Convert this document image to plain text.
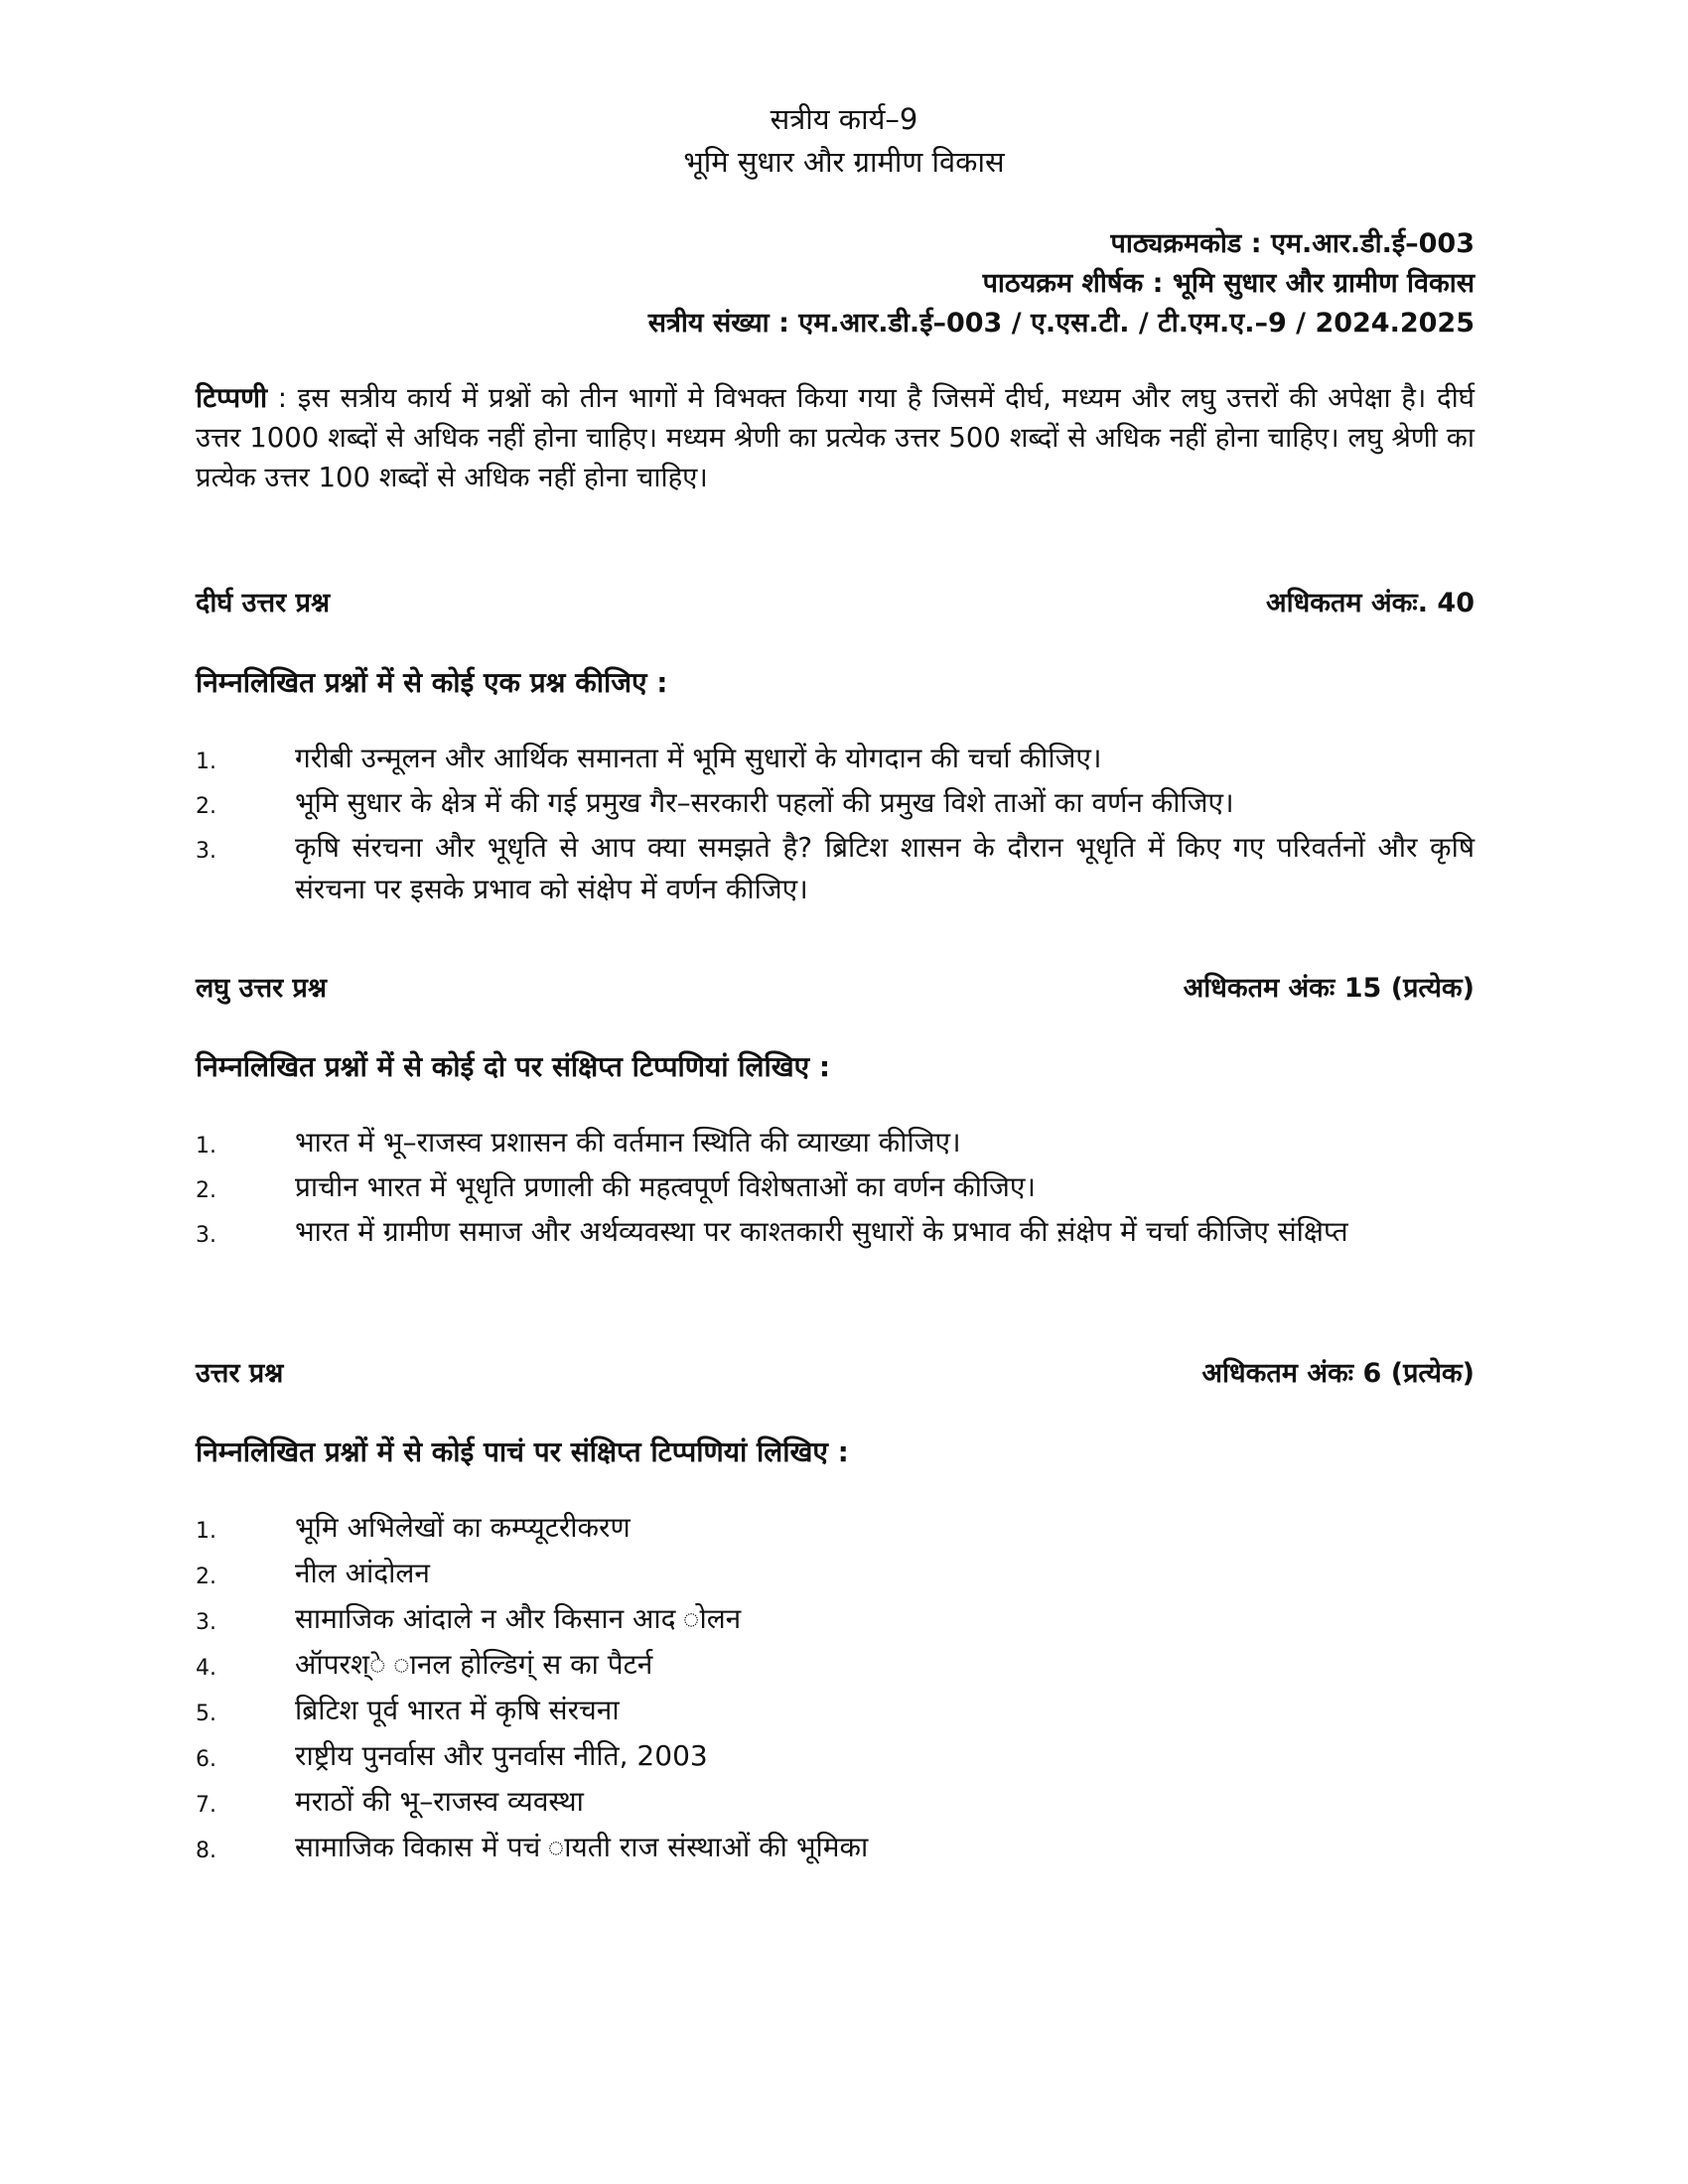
सत्रीय कार्य–9
भूमि सुधार और ग्रामीण विकास
पाठ्यक्रमकोड : एम.आर.डी.ई–003
पाठयक्रम शीर्षक : भूमि सुधार और ग्रामीण विकास
सत्रीय संख्या : एम.आर.डी.ई–003 / ए.एस.टी. / टी.एम.ए.–9 / 2024.2025
टिप्पणी : इस सत्रीय कार्य में प्रश्नों को तीन भागों मे विभक्त किया गया है जिसमें दीर्घ, मध्यम और लघु उत्तरों की अपेक्षा है। दीर्घ उत्तर 1000 शब्दों से अधिक नहीं होना चाहिए। मध्यम श्रेणी का प्रत्येक उत्तर 500 शब्दों से अधिक नहीं होना चाहिए। लघु श्रेणी का प्रत्येक उत्तर 100 शब्दों से अधिक नहीं होना चाहिए।
दीर्घ उत्तर प्रश्न	अधिकतम अंकः. 40
निम्नलिखित प्रश्नों में से कोई एक प्रश्न कीजिए :
1.	गरीबी उन्मूलन और आर्थिक समानता में भूमि सुधारों के योगदान की चर्चा कीजिए।
2.	भूमि सुधार के क्षेत्र में की गई प्रमुख गैर–सरकारी पहलों की प्रमुख विशे ताओं का वर्णन कीजिए।
3.	कृषि संरचना और भूधृति से आप क्या समझते है? ब्रिटिश शासन के दौरान भूधृति में किए गए परिवर्तनों और कृषि संरचना पर इसके प्रभाव को संक्षेप में वर्णन कीजिए।
लघु उत्तर प्रश्न	अधिकतम अंकः 15 (प्रत्येक)
निम्नलिखित प्रश्नों में से कोई दो पर संक्षिप्त टिप्पणियां लिखिए :
1.	भारत में भू–राजस्व प्रशासन की वर्तमान स्थिति की व्याख्या कीजिए।
2.	प्राचीन भारत में भूधृति प्रणाली की महत्वपूर्ण विशेषताओं का वर्णन कीजिए।
3.	भारत में ग्रामीण समाज और अर्थव्यवस्था पर काश्तकारी सुधारों के प्रभाव की स़ंक्षेप में चर्चा कीजिए संक्षिप्त
उत्तर प्रश्न	अधिकतम अंकः 6 (प्रत्येक)
निम्नलिखित प्रश्नों में से कोई पाचं पर संक्षिप्त टिप्पणियां लिखिए :
1.	भूमि अभिलेखों का कम्प्यूटरीकरण
2.	नील आंदोलन
3.	सामाजिक आंदाले न और किसान आद ोलन
4.	ऑपरश्े ानल होल्डिग्ं स का पैटर्न
5.	ब्रिटिश पूर्व भारत में कृषि संरचना
6.	राष्ट्रीय पुनर्वास और पुनर्वास नीति, 2003
7.	मराठों की भू–राजस्व व्यवस्था
8.	सामाजिक विकास में पचं ायती राज संस्थाओं की भूमिका
